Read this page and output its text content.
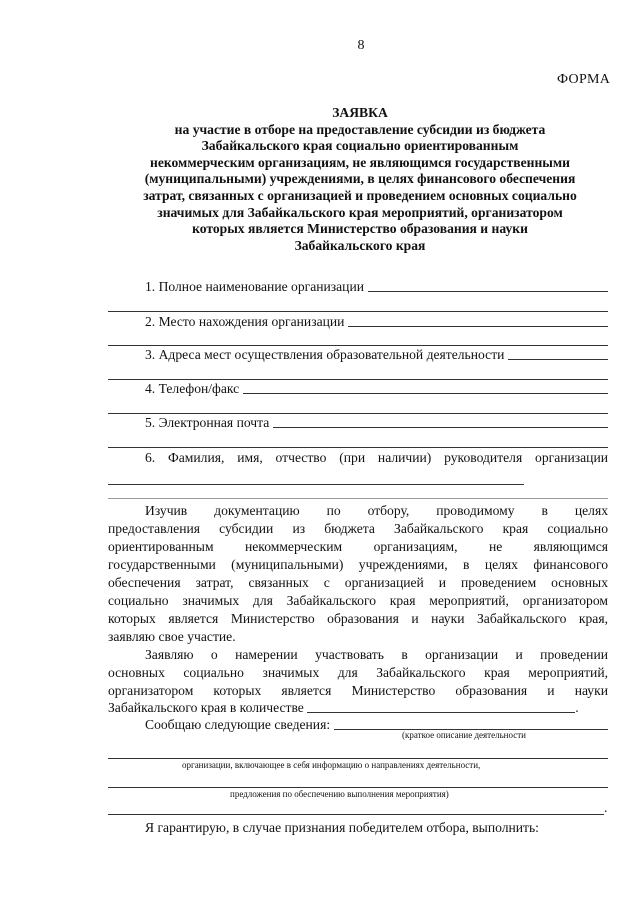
8
ФОРМА
ЗАЯВКА
на участие в отборе на предоставление субсидии из бюджета
Забайкальского края социально ориентированным
некоммерческим организациям, не являющимся государственными
(муниципальными) учреждениями, в целях финансового обеспечения
затрат, связанных с организацией и проведением основных социально
значимых для Забайкальского края мероприятий, организатором
которых является Министерство образования и науки
Забайкальского края
1. Полное наименование организации
2. Место нахождения организации
3. Адреса мест осуществления образовательной деятельности
4. Телефон/факс
5. Электронная почта
6. Фамилия, имя, отчество (при наличии) руководителя организации
Изучив документацию по отбору, проводимому в целях
предоставления субсидии из бюджета Забайкальского края социально
ориентированным некоммерческим организациям, не являющимся
государственными (муниципальными) учреждениями, в целях финансового
обеспечения затрат, связанных с организацией и проведением основных
социально значимых для Забайкальского края мероприятий, организатором
которых является Министерство образования и науки Забайкальского края,
заявляю свое участие.
Заявляю о намерении участвовать в организации и проведении
основных социально значимых для Забайкальского края мероприятий,
организатором которых является Министерство образования и науки
Забайкальского края в количестве	.
Сообщаю следующие сведения:
(краткое описание деятельности
организации, включающее в себя информацию о направлениях деятельности,
предложения по обеспечению выполнения мероприятия)
.
Я гарантирую, в случае признания победителем отбора, выполнить:
